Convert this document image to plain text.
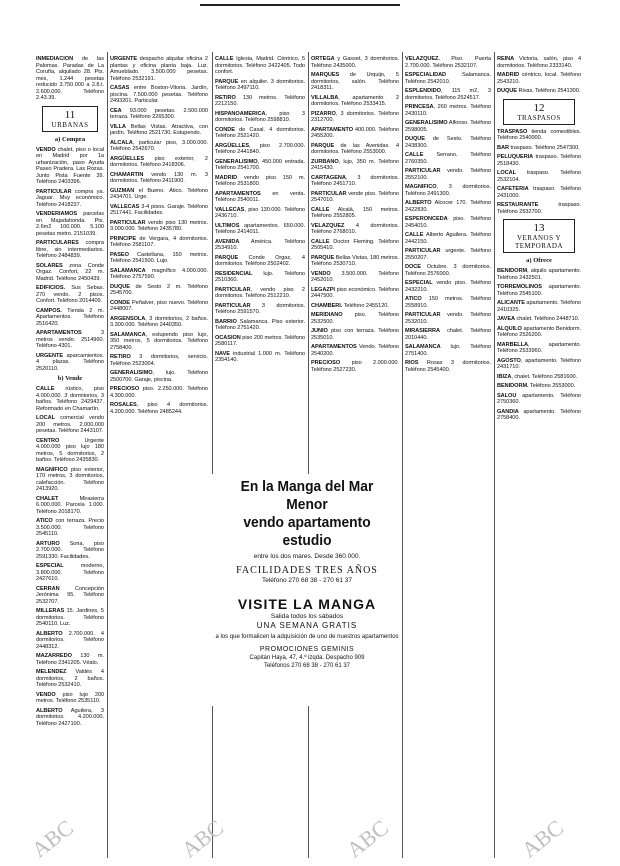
INMEDIACION de las Palomas. Paradas de La Coruña, alquilado 28. Pts. mes, 1.244 pesetas reducido 3.750.000 a 2.8.t. 2.600.000. Teléfono 2.43.39.

11
URBANAS
a) Compra

VENDO chalet, piso o local en Madrid por 1a urbanización, paso Ayuda Paseo Pradera. Las Rozas. Junto Pista Fuente 39. Teléfono 2403396.

PARTICULAR compra ya. Jaguar. Muy económico. Teléfono 2418237.

VENDERIAMOS parcelas en Majadahonda. Pts. 2.6m2 100.000. 5.100 pesetas metro. 2151039.

PARTICULARES compra libre, sin intermediarios. Teléfono 2484839.

SOLARES zona Conde Orgaz. Confort, 22 m. Madrid. Teléfono 2450439.

EDIFICIOS. Sus Sebas. 270 vendo. 2 pisos. Confort. Teléfono 2014409.

CAMPOS. Tienda 2 m. Apartamentos. Teléfono 2516420.

APARTAMENTOS 3 metros vendo. 2514960. Teléfono 4301.

URGENTE aparcamientos. 4 plazas. Teléfono 2520110.

b) Vende

CALLE rústico, piso 4.000.000. 3 dormitorios, 3 baños. Teléfono 2429437. Reformado en Chamartín.

LOCAL comercial vendo 200 metros. 2.000.000 pesetas. Teléfono 2443107.

CENTRO Urgente 4.000.000 piso lujo 180 metros, 5 dormitorios, 2 baños. Teléfono 2435830.

MAGNIFICO piso exterior, 170 metros, 3 dormitorios, calefacción. Teléfono 2413920.

CHALET Mirasierra 6.000.000. Parcela 1.000. Teléfono 2018170.

ATICO con terraza. Precio 3.500.000. Teléfono 2545110.

ARTURO Soria, piso 2.700.000. Teléfono 2591330. Facilidades.

ESPECIAL moderno, 3.800.000. Teléfono 2427610.

CERRAN Concepción Jerónima 95. Teléfono 2532707.

MILLERAS 15. Jardines, 5 dormitorios. Teléfono 2540110. Luz.

ALBERTO 2.700.000. 4 dormitorios. Teléfono 2448312.

MAZARREDO 130 m. Teléfono 2341205. Véalo.

MELENDEZ Valdés 4 dormitorios, 2 baños. Teléfono 2532410.

VENDO piso lujo 200 metros. Teléfono 2535110.

ALBERTO Aguilera, 3 dormitorios. 4.200.000. Teléfono 2427100.

URGENTE despacho alquilar oficina 2 plantas y oficina planta baja. Luz. Amueblado. 3.500.000 pesetas. Teléfono 2532191.

CASAS entre Boston-Vitoria. Jardín, piscina. 7.500.000 pesetas. Teléfono 2493201. Particular.

CEA 93.000 pesetas. 2.500.000 terraza. Teléfono 2265300.

VILLA Bellas Vistas. Atractiva, con jardín. Teléfono 2521730. Estupendo.

ALCALA, particular piso, 3.000.000. Teléfono 2542670.

ARGÜELLES piso exterior, 2 dormitorios. Teléfono 2418306.

CHAMARTIN vendo 130 m. 3 dormitorios. Teléfono 2411900.

GUZMAN el Bueno. Ático. Teléfono 2434701. Urge.

VALLECAS 3-4 pisos. Garaje. Teléfono 2517441. Facilidades.

PARTICULAR vendo piso 130 metros. 3.000.000. Teléfono 2435780.

PRINCIPE de Vergara, 4 dormitorios. Teléfono 2581107.

PASEO Castellana, 150 metros. Teléfono 2541500. Lujo.

SALAMANCA magnífico 4.000.000. Teléfono 2757590.

DUQUE de Sesto 2 m. Teléfono 2545700.

CONDE Peñalver, piso nuevo. Teléfono 2448007.

ARGENSOLA, 3 dormitorios, 2 baños. 3.300.000. Teléfono 2440350.

SALAMANCA, estupendo piso lujo, 350 metros, 5 dormitorios. Teléfono 2758400.

RETIRO 3 dormitorios, servicio. Teléfono 2523004.

GENERALISIMO, lujo. Teléfono 2500700. Garaje, piscina.

PRECIOSO piso. 2.250.000. Teléfono 4.300.000.

ROSALES, piso 4 dormitorios. 4.200.000. Teléfono 2485244.

CALLE Iglesia, Madrid. Céntrico, 5 dormitorios. Teléfono 2422405. Todo confort.

PARQUE en alquiler. 3 dormitorios. Teléfono 2497110.

RETIRO 130 metros. Teléfono 2212150.

HISPANOAMERICA, piso 3 dormitorios. Teléfono 2598810.

CONDE de Casal. 4 dormitorios. Teléfono 2521420.

ARGÜELLES, piso 2.700.000. Teléfono 2441840.

GENERALISIMO, 450.000 entrada. Teléfono 2541700.

MADRID vendo piso 150 m. Teléfono 2531800.

APARTAMENTOS en venta. Teléfono 2540011.

VALLECAS, piso 130.000. Teléfono 2436710.

ULTIMOS apartamentos. 650.000. Teléfono 2414011.

AVENIDA América. Teléfono 2534910.

PARQUE Conde Orgaz, 4 dormitorios. Teléfono 2502402.

RESIDENCIAL lujo. Teléfono 2510360.

PARTICULAR, vendo piso 2 dormitorios. Teléfono 2512210.

PARTICULAR 3 dormitorios. Teléfono 2591570.

BARRIO Salamanca. Piso exterior. Teléfono 2751420.

OCASION piso 200 metros. Teléfono 2580117.

NAVE industrial 1.000 m. Teléfono 2354140.

ORTEGA y Gasset, 3 dormitorios. Teléfono 2435000.

MARQUES de Urquijo, 5 dormitorios, salón. Teléfono 2418311.

VILLALBA, apartamento 2 dormitorios. Teléfono 2533415.

PIZARRO, 3 dormitorios. Teléfono 2312700.

APARTAMENTO 400.000. Teléfono 2455200.

PARQUE de las Avenidas. 4 dormitorios. Teléfono 2553000.

ZURBANO, lujo, 350 m. Teléfono 2415430.

CARTAGENA, 3 dormitorios. Teléfono 2451710.

PARTICULAR vende piso. Teléfono 2547010.

CALLE Alcalá, 150 metros. Teléfono 2552805.

VELAZQUEZ 4 dormitorios. Teléfono 2768010.

CALLE Doctor Fleming. Teléfono 2505410.

PARQUE Bellas Vistas, 180 metros. Teléfono 2530710.

VENDO 3.500.000. Teléfono 2452010.

LEGAZPI piso económico. Teléfono 2447500.

CHAMBERI. Teléfono 2455120.

MERIDIANO piso. Teléfono 2532500.

JUNIO piso con terraza. Teléfono 2535010.

APARTAMENTOS Vendo. Teléfono 2540200.

PRECIOSO piso 2.000.000. Teléfono 2527230.

VELAZQUEZ. Piso. Puerta 2.700.000. Teléfono 2532107.

ESPECIALIDAD Salamanca. Teléfono 2542010.

ESPLENDIDO, 115 m2, 3 dormitorios. Teléfono 2524517.

PRINCESA, 260 metros. Teléfono 2430110.

GENERALISIMO Alfonso. Teléfono 2598005.

DUQUE de Sesto. Teléfono 2438300.

CALLE Serrano. Teléfono 2760350.

PARTICULAR vendo. Teléfono 2552100.

MAGNIFICO, 3 dormitorios. Teléfono 2491300.

ALBERTO Alcocer 170. Teléfono 2422830.

ESPERONCEDA piso. Teléfono 2454010.

CALLE Alberto Aguilera. Teléfono 2442150.

PARTICULAR urgente. Teléfono 2550207.

DOCE Octubre. 3 dormitorios. Teléfono 2576000.

ESPECIAL vendo piso. Teléfono 2432210.

ATICO 150 metros. Teléfono 2558910.

PARTICULAR vendo. Teléfono 2532010.

MIRASIERRA chalet. Teléfono 2010440.

SALAMANCA lujo. Teléfono 2751400.

RIOS Rosas 3 dormitorios. Teléfono 2545400.

REINA Victoria, salón, piso 4 dormitorios. Teléfono 2333140.

MADRID céntrico, local. Teléfono 2543210.

DUQUE Rivas. Teléfono 2541300.

12
TRASPASOS

TRASPASO tienda comestibles. Teléfono 2540000.

BAR traspaso. Teléfono 2547300.

PELUQUERIA traspaso. Teléfono 2518430.

LOCAL traspaso. Teléfono 2532104.

CAFETERIA traspaso. Teléfono 2431000.

RESTAURANTE traspaso. Teléfono 2532700.

13
VERANOS Y TEMPORADA
a) Ofrece

BENIDORM, alquilo apartamento. Teléfono 2432501.

TORREMOLINOS apartamento. Teléfono 2545100.

ALICANTE apartamento. Teléfono 2410325.

JAVEA chalet. Teléfono 2448710.

ALQUILO apartamento Benidorm. Teléfono 2526200.

MARBELLA, apartamento. Teléfono 2533960.

AGOSTO, apartamento. Teléfono 2431710.

IBIZA, chalet. Teléfono 2581600.

BENIDORM. Teléfono 2553000.

SALOU apartamento. Teléfono 2750360.

GANDIA apartamento. Teléfono 2758400.

En la Manga del Mar Menor
vendo apartamento estudio
entre los dos mares. Desde 360.000.
FACILIDADES TRES AÑOS
Teléfono 270 68 38 - 270 61 37
VISITE LA MANGA
Salida todos los sábados
UNA SEMANA GRATIS
a los que formalicen la adquisición de uno de nuestros apartamentos
PROMOCIONES GEMINIS
Capitán Haya, 47, 4.º izqda. Despacho 909
Teléfonos 270 68 38 - 270 61 37
ABC	ABC	ABC	ABC
